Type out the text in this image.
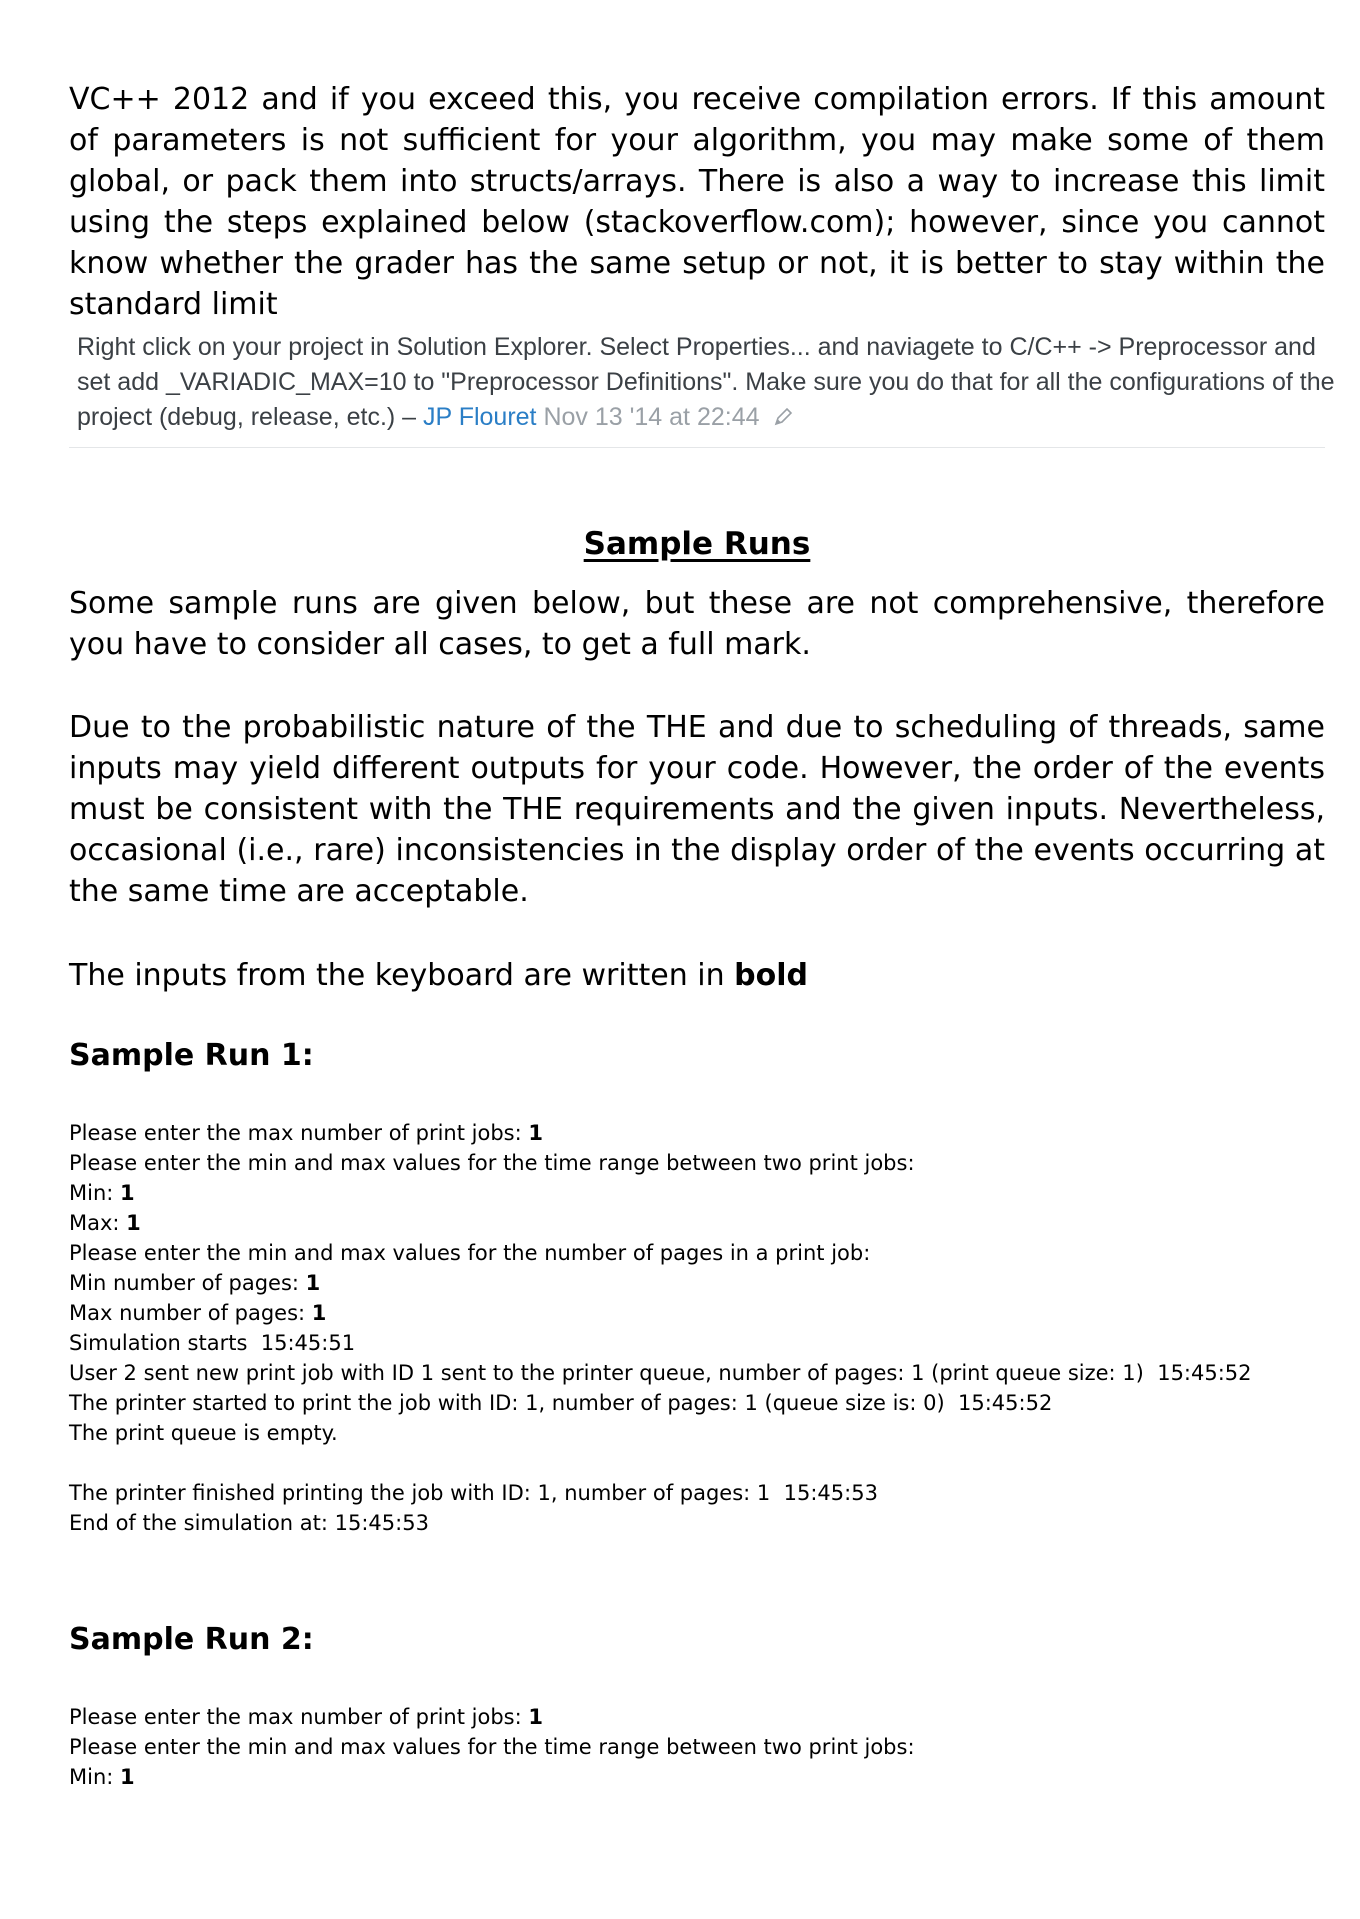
VC++ 2012 and if you exceed this, you receive compilation errors. If this amount of parameters is not sufficient for your algorithm, you may make some of them global, or pack them into structs/arrays. There is also a way to increase this limit using the steps explained below (stackoverflow.com); however, since you cannot know whether the grader has the same setup or not, it is better to stay within the standard limit

Right click on your project in Solution Explorer. Select Properties... and naviagete to C/C++ -> Preprocessor and set add _VARIADIC_MAX=10 to "Preprocessor Definitions". Make sure you do that for all the configurations of the project (debug, release, etc.) – JP Flouret Nov 13 '14 at 22:44
Sample Runs

Some sample runs are given below, but these are not comprehensive, therefore you have to consider all cases, to get a full mark.

Due to the probabilistic nature of the THE and due to scheduling of threads, same inputs may yield different outputs for your code. However, the order of the events must be consistent with the THE requirements and the given inputs. Nevertheless, occasional (i.e., rare) inconsistencies in the display order of the events occurring at the same time are acceptable.

The inputs from the keyboard are written in bold

Sample Run 1:
Please enter the max number of print jobs: 1
Please enter the min and max values for the time range between two print jobs:
Min: 1
Max: 1
Please enter the min and max values for the number of pages in a print job:
Min number of pages: 1
Max number of pages: 1
Simulation starts  15:45:51
User 2 sent new print job with ID 1 sent to the printer queue, number of pages: 1 (print queue size: 1)  15:45:52
The printer started to print the job with ID: 1, number of pages: 1 (queue size is: 0)  15:45:52
The print queue is empty.
The printer finished printing the job with ID: 1, number of pages: 1  15:45:53
End of the simulation at: 15:45:53
Sample Run 2:
Please enter the max number of print jobs: 1
Please enter the min and max values for the time range between two print jobs:
Min: 1
